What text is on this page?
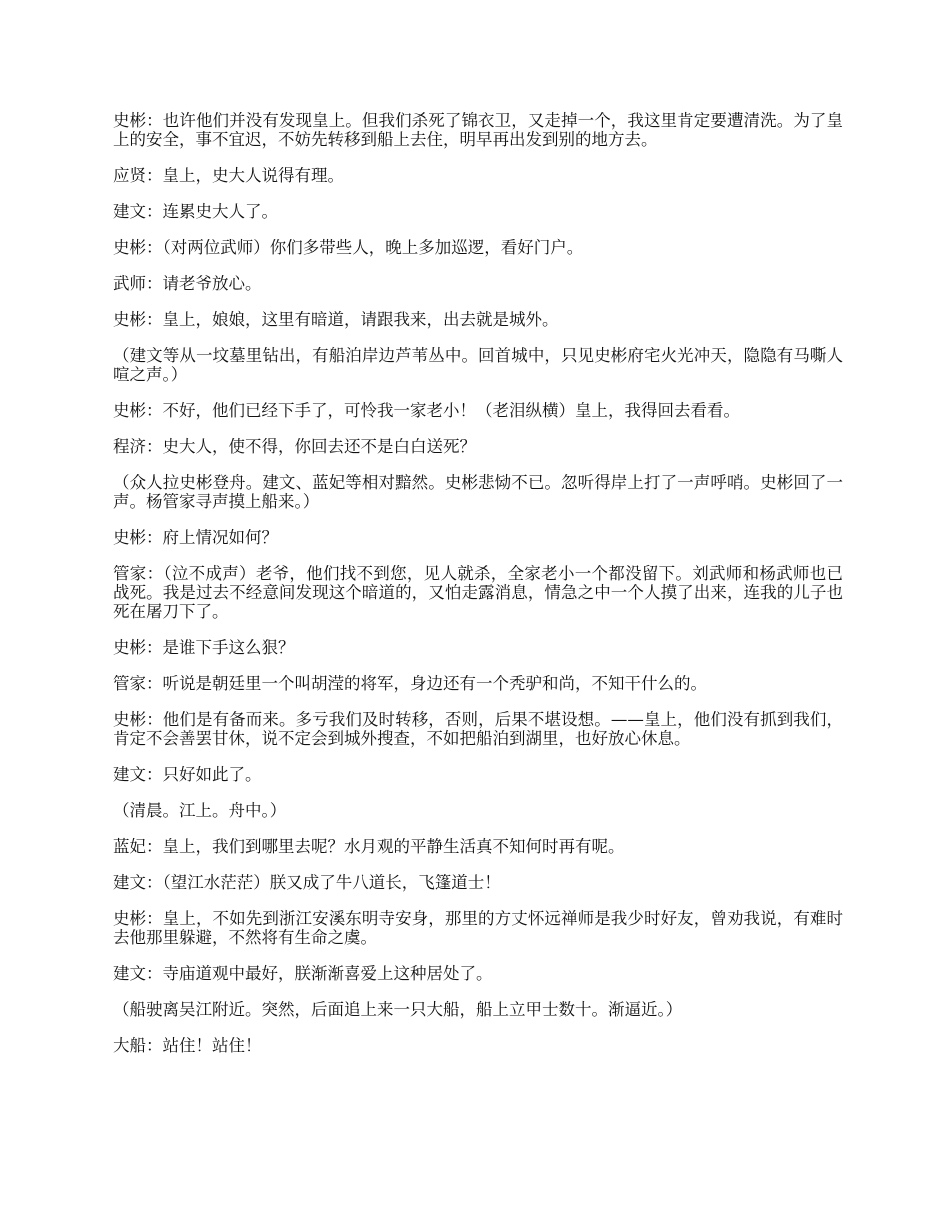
史彬：也许他们并没有发现皇上。但我们杀死了锦衣卫，又走掉一个，我这里肯定要遭清洗。为了皇上的安全，事不宜迟，不妨先转移到船上去住，明早再出发到别的地方去。

应贤：皇上，史大人说得有理。

建文：连累史大人了。

史彬：（对两位武师）你们多带些人，晚上多加巡逻，看好门户。

武师：请老爷放心。

史彬：皇上，娘娘，这里有暗道，请跟我来，出去就是城外。

（建文等从一坟墓里钻出，有船泊岸边芦苇丛中。回首城中，只见史彬府宅火光冲天，隐隐有马嘶人喧之声。）

史彬：不好，他们已经下手了，可怜我一家老小！（老泪纵横）皇上，我得回去看看。

程济：史大人，使不得，你回去还不是白白送死？

（众人拉史彬登舟。建文、蓝妃等相对黯然。史彬悲恸不已。忽听得岸上打了一声呼哨。史彬回了一声。杨管家寻声摸上船来。）

史彬：府上情况如何？

管家：（泣不成声）老爷，他们找不到您，见人就杀，全家老小一个都没留下。刘武师和杨武师也已战死。我是过去不经意间发现这个暗道的，又怕走露消息，情急之中一个人摸了出来，连我的儿子也死在屠刀下了。

史彬：是谁下手这么狠？

管家：听说是朝廷里一个叫胡滢的将军，身边还有一个秃驴和尚，不知干什么的。

史彬：他们是有备而来。多亏我们及时转移，否则，后果不堪设想。——皇上，他们没有抓到我们，肯定不会善罢甘休，说不定会到城外搜查，不如把船泊到湖里，也好放心休息。

建文：只好如此了。

（清晨。江上。舟中。）

蓝妃：皇上，我们到哪里去呢？水月观的平静生活真不知何时再有呢。

建文：（望江水茫茫）朕又成了牛八道长，飞篷道士！

史彬：皇上，不如先到浙江安溪东明寺安身，那里的方丈怀远禅师是我少时好友，曾劝我说，有难时去他那里躲避，不然将有生命之虞。

建文：寺庙道观中最好，朕渐渐喜爱上这种居处了。

（船驶离吴江附近。突然，后面追上来一只大船，船上立甲士数十。渐逼近。）

大船：站住！站住！
